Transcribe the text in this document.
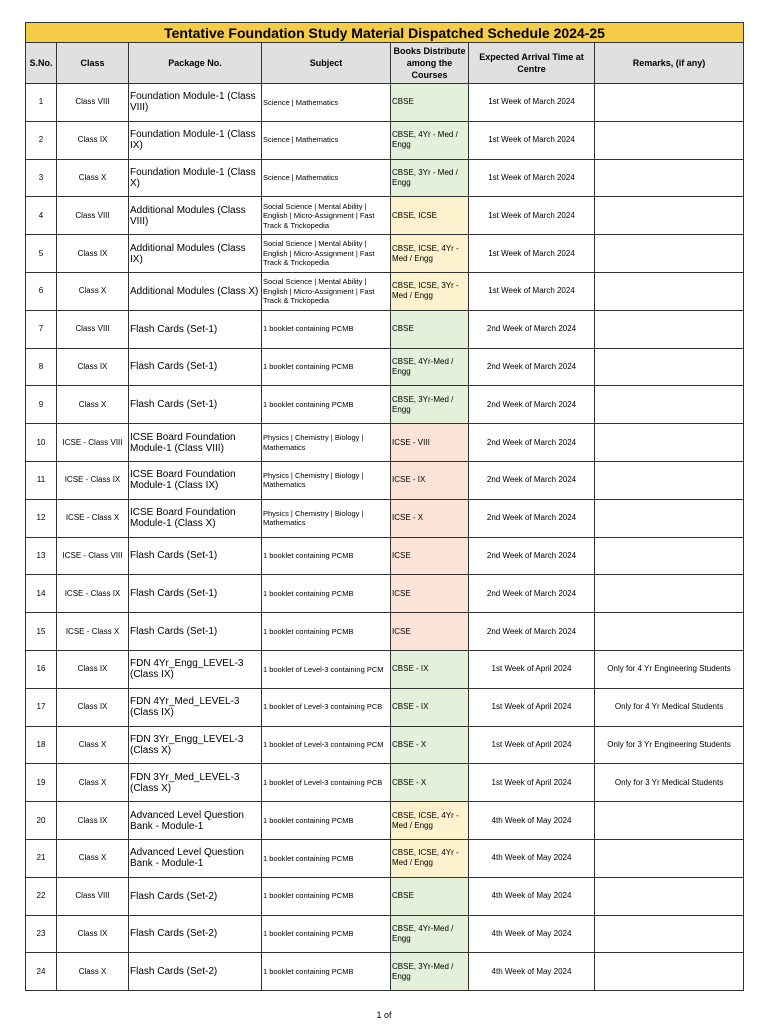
Tentative Foundation Study Material Dispatched Schedule 2024-25						
S.No.	Class	Package No.	Subject	Books Distribute among the Courses	Expected Arrival Time at Centre	Remarks, (if any)
1	Class VIII	Foundation Module-1 (Class VIII)	Science | Mathematics	CBSE	1st Week of March 2024	
2	Class IX	Foundation Module-1 (Class IX)	Science | Mathematics	CBSE, 4Yr - Med / Engg	1st Week of March 2024	
3	Class X	Foundation Module-1 (Class X)	Science | Mathematics	CBSE, 3Yr - Med / Engg	1st Week of March 2024	
4	Class VIII	Additional Modules (Class VIII)	Social Science | Mental Ability | English | Micro-Assignment | Fast Track & Trickopedia	CBSE, ICSE	1st Week of March 2024	
5	Class IX	Additional Modules (Class IX)	Social Science | Mental Ability | English | Micro-Assignment | Fast Track & Trickopedia	CBSE, ICSE, 4Yr - Med / Engg	1st Week of March 2024	
6	Class X	Additional Modules (Class X)	Social Science | Mental Ability | English | Micro-Assignment | Fast Track & Trickopedia	CBSE, ICSE, 3Yr - Med / Engg	1st Week of March 2024	
7	Class VIII	Flash Cards (Set-1)	1 booklet containing PCMB	CBSE	2nd Week of March 2024	
8	Class IX	Flash Cards (Set-1)	1 booklet containing PCMB	CBSE, 4Yr-Med / Engg	2nd Week of March 2024	
9	Class X	Flash Cards (Set-1)	1 booklet containing PCMB	CBSE, 3Yr-Med / Engg	2nd Week of March 2024	
10	ICSE - Class VIII	ICSE Board Foundation Module-1 (Class VIII)	Physics | Chemistry | Biology | Mathematics	ICSE - VIII	2nd Week of March 2024	
11	ICSE - Class IX	ICSE Board Foundation Module-1 (Class IX)	Physics | Chemistry | Biology | Mathematics	ICSE - IX	2nd Week of March 2024	
12	ICSE - Class X	ICSE Board Foundation Module-1 (Class X)	Physics | Chemistry | Biology | Mathematics	ICSE - X	2nd Week of March 2024	
13	ICSE - Class VIII	Flash Cards (Set-1)	1 booklet containing PCMB	ICSE	2nd Week of March 2024	
14	ICSE - Class IX	Flash Cards (Set-1)	1 booklet containing PCMB	ICSE	2nd Week of March 2024	
15	ICSE - Class X	Flash Cards (Set-1)	1 booklet containing PCMB	ICSE	2nd Week of March 2024	
16	Class IX	FDN 4Yr_Engg_LEVEL-3 (Class IX)	1 booklet of Level-3 containing PCM	CBSE - IX	1st Week of April 2024	Only for 4 Yr Engineering Students
17	Class IX	FDN 4Yr_Med_LEVEL-3 (Class IX)	1 booklet of Level-3 containing PCB	CBSE - IX	1st Week of April 2024	Only for 4 Yr Medical Students
18	Class X	FDN 3Yr_Engg_LEVEL-3 (Class X)	1 booklet of Level-3 containing PCM	CBSE - X	1st Week of April 2024	Only for 3 Yr Engineering Students
19	Class X	FDN 3Yr_Med_LEVEL-3 (Class X)	1 booklet of Level-3 containing PCB	CBSE - X	1st Week of April 2024	Only for 3 Yr Medical Students
20	Class IX	Advanced Level Question Bank - Module-1	1 booklet containing PCMB	CBSE, ICSE, 4Yr - Med / Engg	4th Week of May 2024	
21	Class X	Advanced Level Question Bank - Module-1	1 booklet containing PCMB	CBSE, ICSE, 4Yr - Med / Engg	4th Week of May 2024	
22	Class VIII	Flash Cards (Set-2)	1 booklet containing PCMB	CBSE	4th Week of May 2024	
23	Class IX	Flash Cards (Set-2)	1 booklet containing PCMB	CBSE, 4Yr-Med / Engg	4th Week of May 2024	
24	Class X	Flash Cards (Set-2)	1 booklet containing PCMB	CBSE, 3Yr-Med / Engg	4th Week of May 2024	
1 of
